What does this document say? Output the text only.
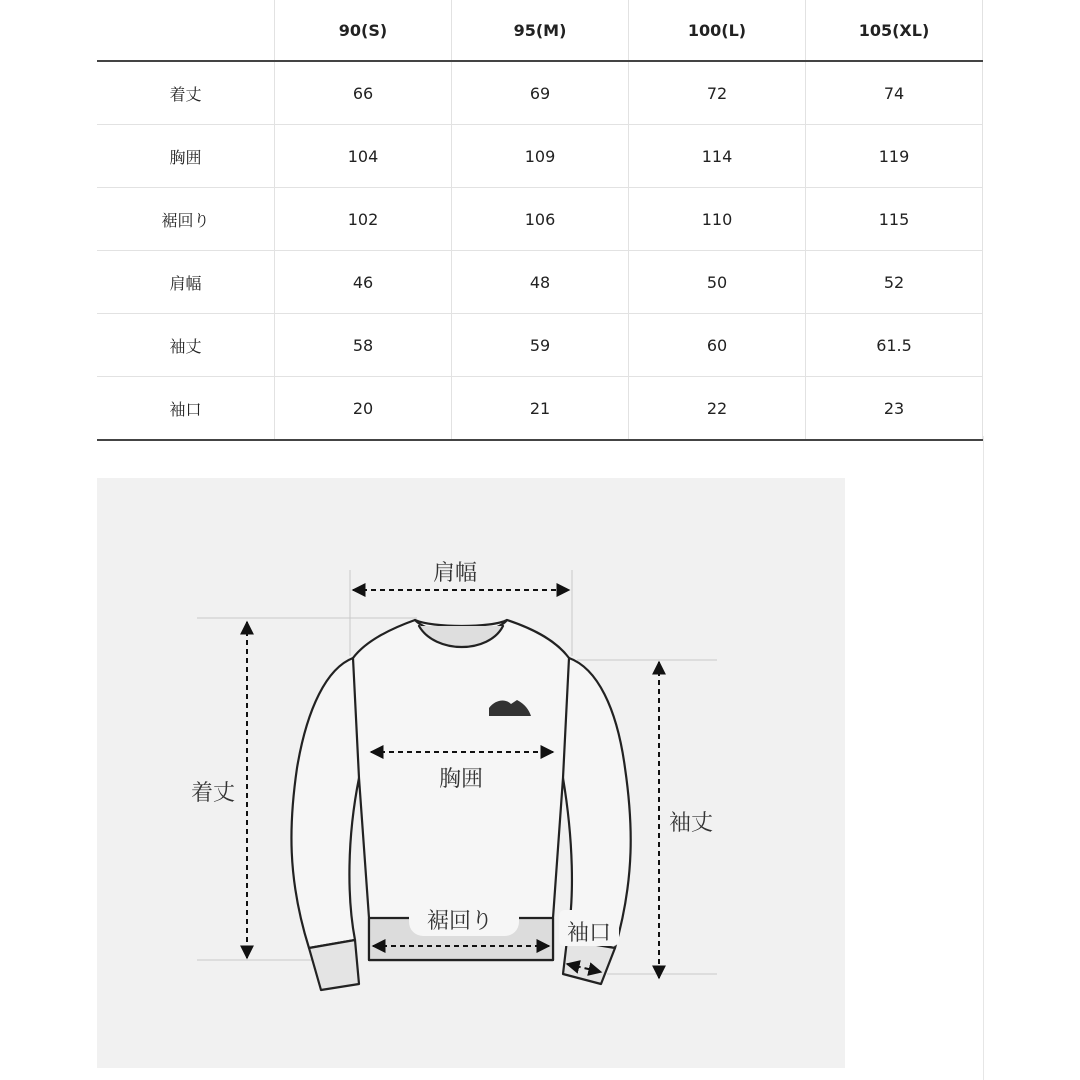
	90(S)	95(M)	100(L)	105(XL)
着丈	66	69	72	74
胸囲	104	109	114	119
裾回り	102	106	110	115
肩幅	46	48	50	52
袖丈	58	59	60	61.5
袖口	20	21	22	23
肩幅
着丈
胸囲
袖丈
裾回り	袖口
